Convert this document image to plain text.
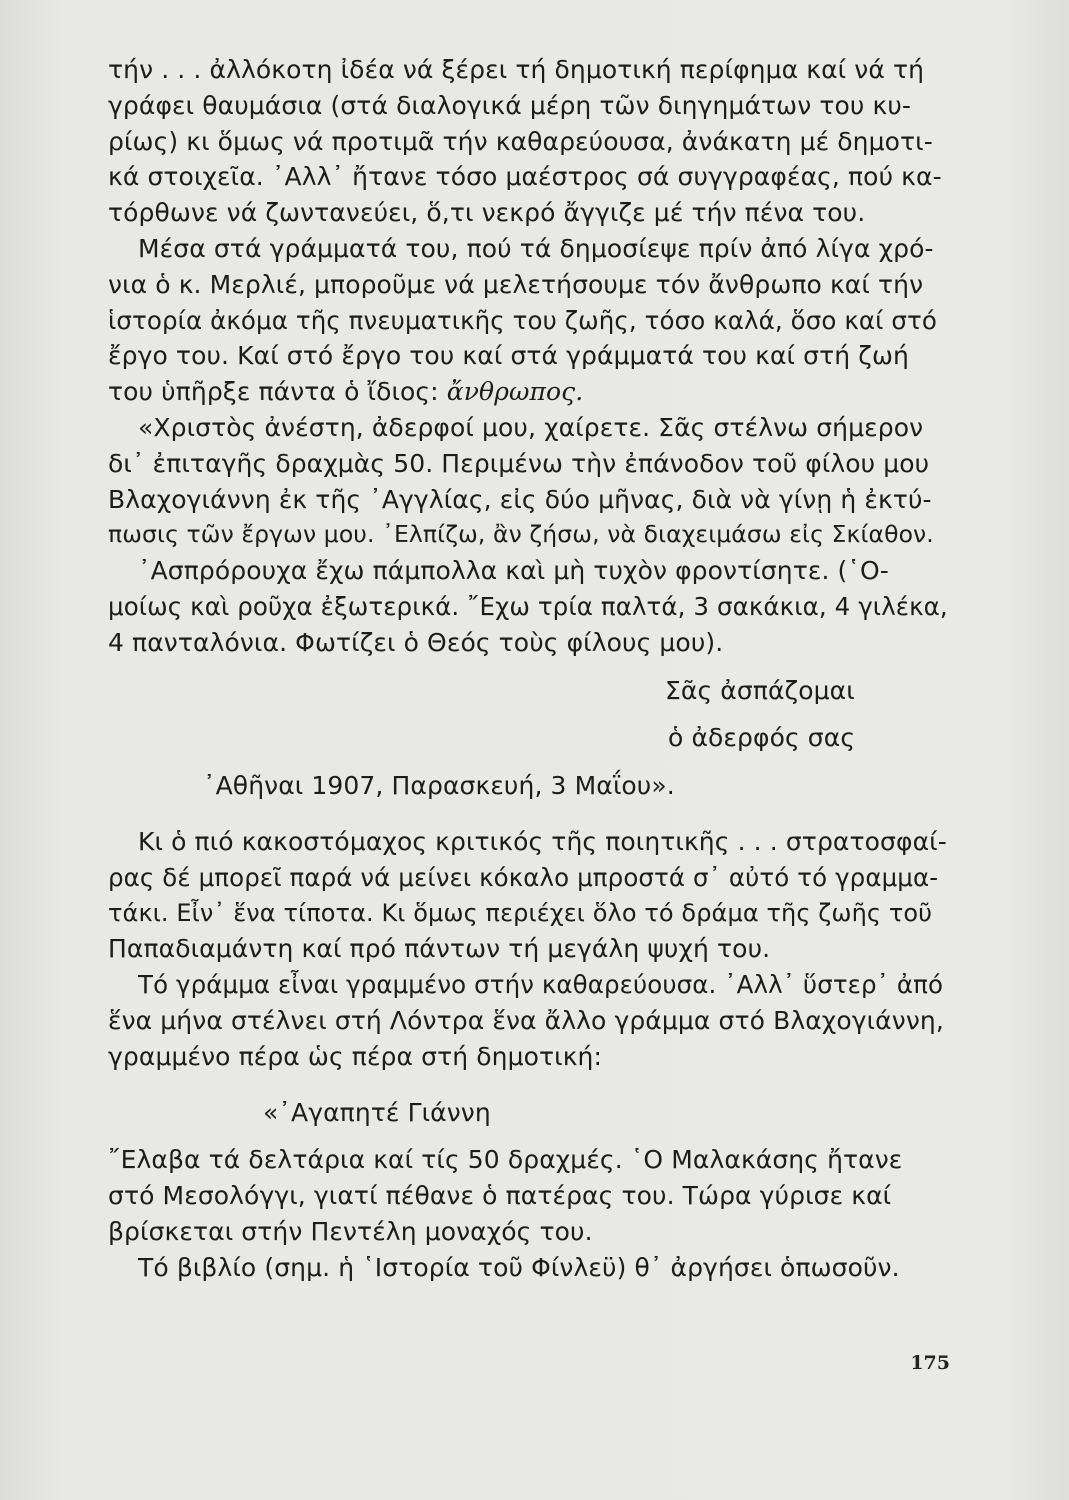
τήν . . . ἀλλόκοτη ἰδέα νά ξέρει τή δημοτική περίφημα καί νά τή
γράφει θαυμάσια (στά διαλογικά μέρη τῶν διηγημάτων του κυ-
ρίως) κι ὅμως νά προτιμᾶ τήν καθαρεύουσα, ἀνάκατη μέ δημοτι-
κά στοιχεῖα. ᾿Αλλ᾿ ἤτανε τόσο μαέστρος σά συγγραφέας, πού κα-
τόρθωνε νά ζωντανεύει, ὅ,τι νεκρό ἄγγιζε μέ τήν πένα του.
Μέσα στά γράμματά του, πού τά δημοσίεψε πρίν ἀπό λίγα χρό-
νια ὁ κ. Μερλιέ, μποροῦμε νά μελετήσουμε τόν ἄνθρωπο καί τήν
ἱστορία ἀκόμα τῆς πνευματικῆς του ζωῆς, τόσο καλά, ὅσο καί στό
ἔργο του. Καί στό ἔργο του καί στά γράμματά του καί στή ζωή
του ὑπῆρξε πάντα ὁ ἴδιος: ἄνθρωπος.
«Χριστὸς ἀνέστη, ἀδερφοί μου, χαίρετε. Σᾶς στέλνω σήμερον
δι᾿ ἐπιταγῆς δραχμὰς 50. Περιμένω τὴν ἐπάνοδον τοῦ φίλου μου
Βλαχογιάννη ἐκ τῆς ᾿Αγγλίας, εἰς δύο μῆνας, διὰ νὰ γίνῃ ἡ ἐκτύ-
πωσις τῶν ἔργων μου. ᾿Ελπίζω, ἂν ζήσω, νὰ διαχειμάσω εἰς Σκίαθον.
᾿Ασπρόρουχα ἔχω πάμπολλα καὶ μὴ τυχὸν φροντίσητε. (῾Ο-
μοίως καὶ ροῦχα ἐξωτερικά. ῎Εχω τρία παλτά, 3 σακάκια, 4 γιλέκα,
4 πανταλόνια. Φωτίζει ὁ Θεός τοὺς φίλους μου).
Σᾶς ἀσπάζομαι
ὁ ἀδερφός σας
᾿Αθῆναι 1907, Παρασκευή, 3 Μαΐου».
Κι ὁ πιό κακοστόμαχος κριτικός τῆς ποιητικῆς . . . στρατοσφαί-
ρας δέ μπορεῖ παρά νά μείνει κόκαλο μπροστά σ᾿ αὐτό τό γραμμα-
τάκι. Εἶν᾿ ἕνα τίποτα. Κι ὅμως περιέχει ὅλο τό δράμα τῆς ζωῆς τοῦ
Παπαδιαμάντη καί πρό πάντων τή μεγάλη ψυχή του.
Τό γράμμα εἶναι γραμμένο στήν καθαρεύουσα. ᾿Αλλ᾿ ὕστερ᾿ ἀπό
ἕνα μήνα στέλνει στή Λόντρα ἕνα ἄλλο γράμμα στό Βλαχογιάννη,
γραμμένο πέρα ὡς πέρα στή δημοτική:
«᾿Αγαπητέ Γιάννη
῎Ελαβα τά δελτάρια καί τίς 50 δραχμές. ῾Ο Μαλακάσης ἤτανε
στό Μεσολόγγι, γιατί πέθανε ὁ πατέρας του. Τώρα γύρισε καί
βρίσκεται στήν Πεντέλη μοναχός του.
Τό βιβλίο (σημ. ἡ ῾Ιστορία τοῦ Φίνλεϋ) θ᾿ ἀργήσει ὁπωσοῦν.
175
